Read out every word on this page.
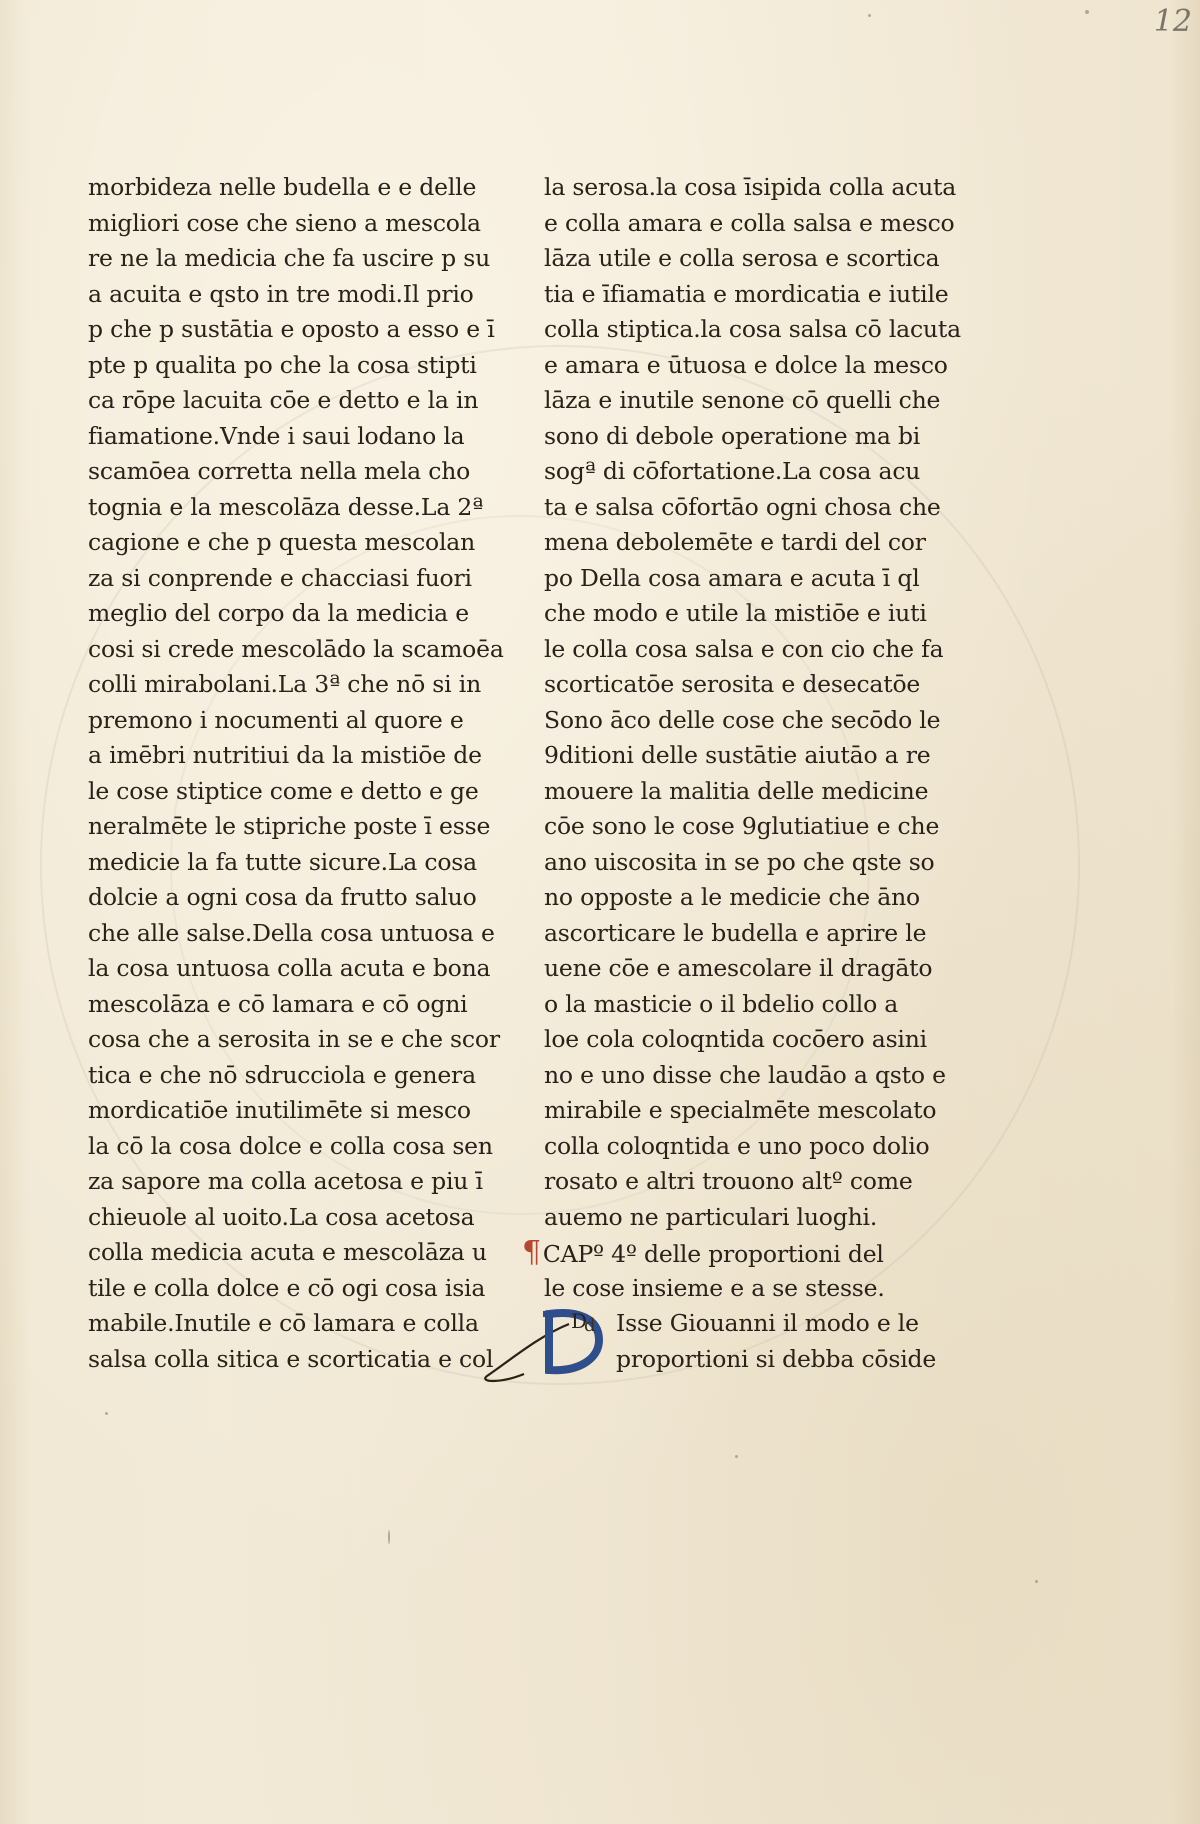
12
morbideza nelle budella e e delle
migliori cose che sieno a mescola
re ne la medicia che fa uscire p su
a acuita e qsto in tre modi.Il prio
p che p sustātia e oposto a esso e ī
pte p qualita po che la cosa stipti
ca rōpe lacuita cōe e detto e la in
fiamatione.Vnde i saui lodano la
scamōea corretta nella mela cho
tognia e la mescolāza desse.La 2ª
cagione e che p questa mescolan
za si conprende e chacciasi fuori
meglio del corpo da la medicia e
cosi si crede mescolādo la scamoēa
colli mirabolani.La 3ª che nō si in
premono i nocumenti al quore e
a imēbri nutritiui da la mistiōe de
le cose stiptice come e detto e ge
neralmēte le stipriche poste ī esse
medicie la fa tutte sicure.La cosa
dolcie a ogni cosa da frutto saluo
che alle salse.Della cosa untuosa e
la cosa untuosa colla acuta e bona
mescolāza e cō lamara e cō ogni
cosa che a serosita in se e che scor
tica e che nō sdrucciola e genera
mordicatiōe inutilimēte si mesco
la cō la cosa dolce e colla cosa sen
za sapore ma colla acetosa e piu ī
chieuole al uoito.La cosa acetosa
colla medicia acuta e mescolāza u
tile e colla dolce e cō ogi cosa isia
mabile.Inutile e cō lamara e colla
salsa colla sitica e scorticatia e col
la serosa.la cosa īsipida colla acuta
e colla amara e colla salsa e mesco
lāza utile e colla serosa e scortica
tia e īfiamatia e mordicatia e iutile
colla stiptica.la cosa salsa cō lacuta
e amara e ūtuosa e dolce la mesco
lāza e inutile senone cō quelli che
sono di debole operatione ma bi
sogª di cōfortatione.La cosa acu
ta e salsa cōfortāo ogni chosa che
mena debolemēte e tardi del cor
po Della cosa amara e acuta ī ql
che modo e utile la mistiōe e iuti
le colla cosa salsa e con cio che fa
scorticatōe serosita e desecatōe
Sono āco delle cose che secōdo le
9ditioni delle sustātie aiutāo a re
mouere la malitia delle medicine
cōe sono le cose 9glutiatiue e che
ano uiscosita in se po che qste so
no opposte a le medicie che āno
ascorticare le budella e aprire le
uene cōe e amescolare il dragāto
o la masticie o il bdelio collo a
loe cola coloqntida cocōero asini
no e uno disse che laudāo a qsto e
mirabile e specialmēte mescolato
colla coloqntida e uno poco dolio
rosato e altri trouono altº come
auemo ne particulari luoghi.
¶CAPº 4º delle proportioni del
le cose insieme e a se stesse.
D
d Isse Giouanni il modo e le
proportioni si debba cōside
